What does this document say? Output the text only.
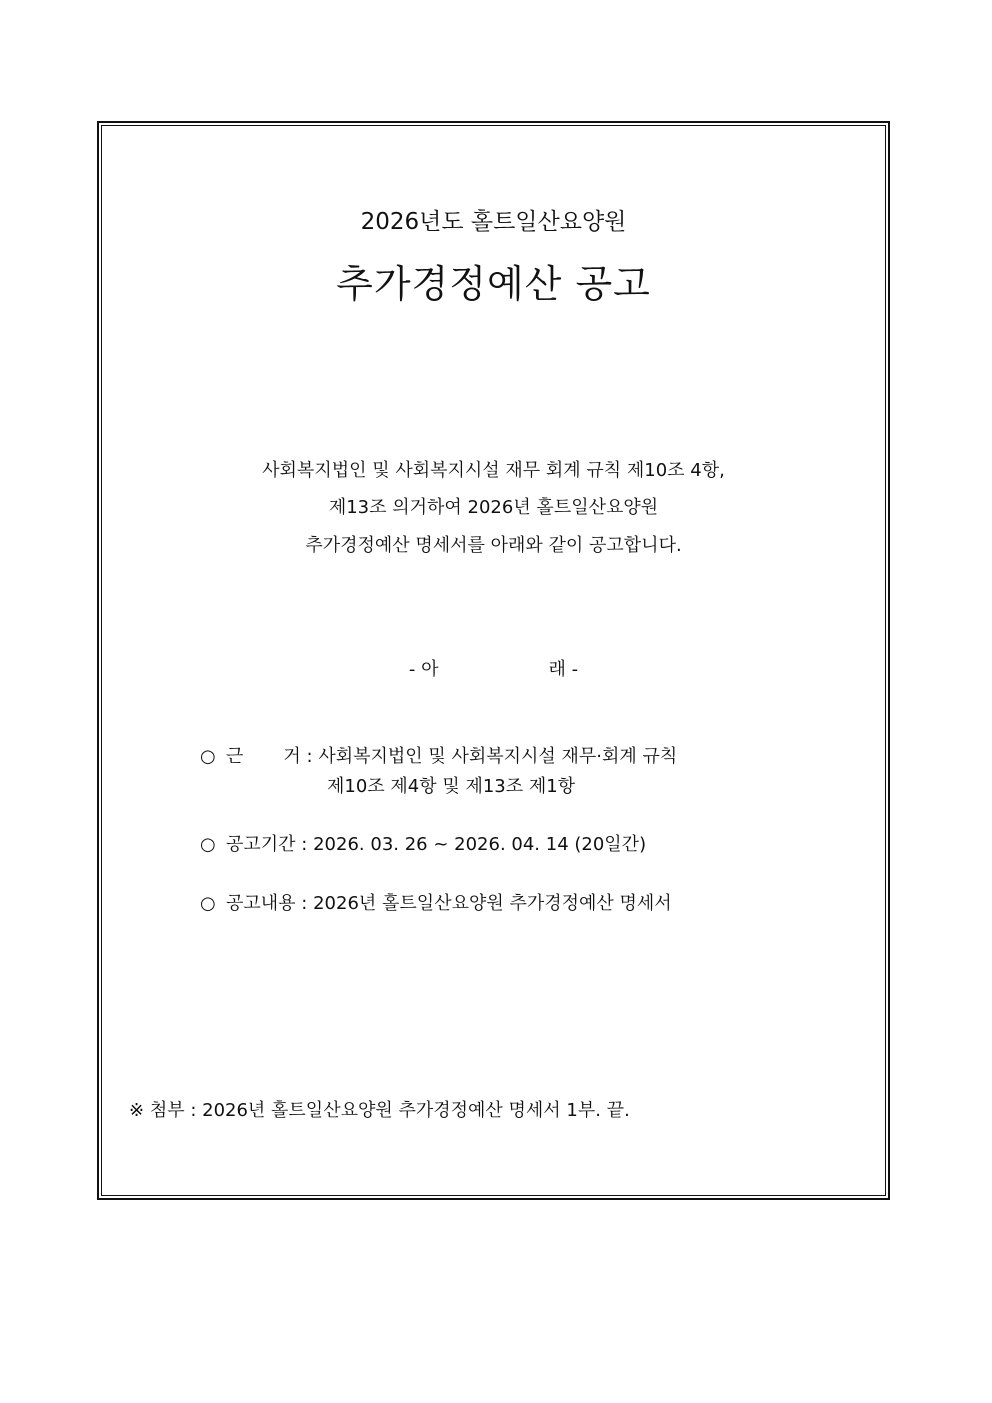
2026년도 홀트일산요양원
추가경정예산 공고
사회복지법인 및 사회복지시설 재무 회계 규칙 제10조 4항,
제13조 의거하여 2026년 홀트일산요양원
추가경정예산 명세서를 아래와 같이 공고합니다.
- 아	래 -
○ 근 거 : 사회복지법인 및 사회복지시설 재무·회계 규칙
제10조 제4항 및 제13조 제1항
○ 공고기간 : 2026. 03. 26 ~ 2026. 04. 14 (20일간)
○ 공고내용 : 2026년 홀트일산요양원 추가경정예산 명세서
※ 첨부 : 2026년 홀트일산요양원 추가경정예산 명세서 1부. 끝.
